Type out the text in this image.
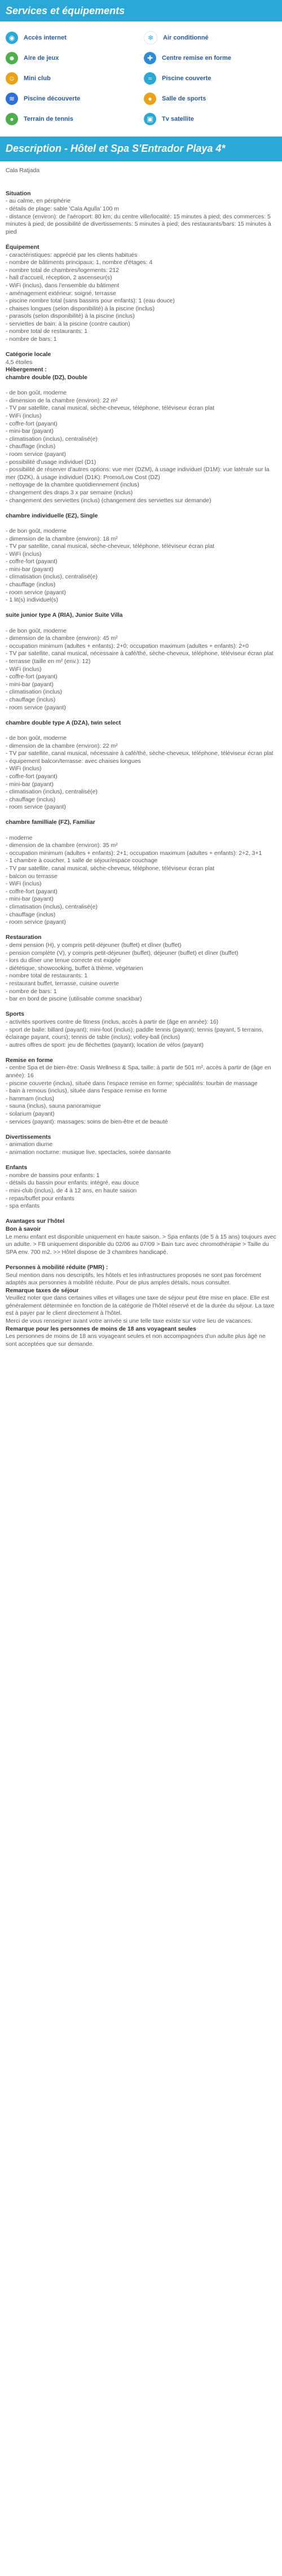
Services et équipements
◉	Accès internet	❄	Air conditionné
☻	Aire de jeux	✚	Centre remise en forme
☺	Mini club	≈	Piscine couverte
≋	Piscine découverte	●	Salle de sports
●	Terrain de tennis	▣	Tv satellite
Description - Hôtel et Spa S'Entrador Playa 4*
Cala Ratjada
Situation
- au calme, en périphérie
- détails de plage: sable 'Cala Agulla' 100 m
- distance (environ): de l'aéroport: 80 km; du centre ville/localité: 15 minutes à pied; des commerces: 5 minutes à pied; de possibilité de divertissements: 5 minutes à pied; des restaurants/bars: 15 minutes à pied
Équipement
- caractéristiques: apprécié par les clients habitués
- nombre de bâtiments principaux: 1, nombre d'étages: 4
- nombre total de chambres/logements: 212
- hall d'accueil, réception, 2 ascenseur(s)
- WiFi (inclus), dans l'ensemble du bâtiment
- aménagement extérieur: soigné, terrasse
- piscine nombre total (sans bassins pour enfants): 1 (eau douce)
- chaises longues (selon disponibilité) à la piscine (inclus)
- parasols (selon disponibilité) à la piscine (inclus)
- serviettes de bain: à la piscine (contre caution)
- nombre total de restaurants: 1
- nombre de bars: 1
Catégorie locale
4,5 étoiles
Hébergement :
chambre double (DZ), Double
- de bon goût, moderne
- dimension de la chambre (environ): 22 m²
- TV par satellite, canal musical, sèche-cheveux, téléphone, téléviseur écran plat
- WiFi (inclus)
- coffre-fort (payant)
- mini-bar (payant)
- climatisation (inclus), centralisé(e)
- chauffage (inclus)
- room service (payant)
- possibilité d'usage individuel (D1)
- possibilité de réserver d'autres options: vue mer (DZM), à usage individuel (D1M): vue latérale sur la mer (DZK), à usage individuel (D1K): Promo/Low Cost (DZ)
- nettoyage de la chambre quotidiennement (inclus)
- changement des draps 3 x par semaine (inclus)
- changement des serviettes (inclus) (changement des serviettes sur demande)
chambre individuelle (EZ), Single
- de bon goût, moderne
- dimension de la chambre (environ): 18 m²
- TV par satellite, canal musical, sèche-cheveux, téléphone, téléviseur écran plat
- WiFi (inclus)
- coffre-fort (payant)
- mini-bar (payant)
- climatisation (inclus), centralisé(e)
- chauffage (inclus)
- room service (payant)
- 1 lit(s) individuel(s)
suite junior type A (RIA), Junior Suite Villa
- de bon goût, moderne
- dimension de la chambre (environ): 45 m²
- occupation minimum (adultes + enfants): 2+0; occupation maximum (adultes + enfants): 2+0
- TV par satellite, canal musical, nécessaire à café/thé, sèche-cheveux, téléphone, téléviseur écran plat
- terrasse (taille en m² (env.): 12)
- WiFi (inclus)
- coffre-fort (payant)
- mini-bar (payant)
- climatisation (inclus)
- chauffage (inclus)
- room service (payant)
chambre double type A (DZA), twin select
- de bon goût, moderne
- dimension de la chambre (environ): 22 m²
- TV par satellite, canal musical, nécessaire à café/thé, sèche-cheveux, téléphone, téléviseur écran plat
- équipement balcon/terrasse: avec chaises longues
- WiFi (inclus)
- coffre-fort (payant)
- mini-bar (payant)
- climatisation (inclus), centralisé(e)
- chauffage (inclus)
- room service (payant)
chambre familliale (FZ), Familiar
- moderne
- dimension de la chambre (environ): 35 m²
- occupation minimum (adultes + enfants): 2+1; occupation maximum (adultes + enfants): 2+2, 3+1
- 1 chambre à coucher, 1 salle de séjour/espace couchage
- TV par satellite, canal musical, sèche-cheveux, téléphone, téléviseur écran plat
- balcon ou terrasse
- WiFi (inclus)
- coffre-fort (payant)
- mini-bar (payant)
- climatisation (inclus), centralisé(e)
- chauffage (inclus)
- room service (payant)
Restauration
- demi pension (H), y compris petit-déjeuner (buffet) et dîner (buffet)
- pension complète (V), y compris petit-déjeuner (buffet), déjeuner (buffet) et dîner (buffet)
- lors du dîner une tenue correcte est exigée
- diététique, showcooking, buffet à thème, végétarien
- nombre total de restaurants: 1
- restaurant buffet, terrasse, cuisine ouverte
- nombre de bars: 1
- bar en bord de piscine (utilisable comme snackbar)
Sports
- activités sportives contre de fitness (inclus, accès à partir de (âge en année): 16)
- sport de balle: billard (payant); mini-foot (inclus); paddle tennis (payant); tennis (payant, 5 terrains, éclairage payant, cours); tennis de table (inclus); volley-ball (inclus)
- autres offres de sport: jeu de fléchettes (payant); location de vélos (payant)
Remise en forme
- centre Spa et de bien-être: Oasis Wellness & Spa, taille: à partir de 501 m², accès à partir de (âge en année): 16
- piscine couverte (inclus), située dans l'espace remise en forme; spécialités: tourbin de massage
- bain à remous (inclus), située dans l'espace remise en forme
- hammam (inclus)
- sauna (inclus), sauna panoramique
- solarium (payant)
- services (payant): massages; soins de bien-être et de beauté
Divertissements
- animation diurne
- animation nocturne: musique live, spectacles, soirée dansante
Enfants
- nombre de bassins pour enfants: 1
- détails du bassin pour enfants: intégré, eau douce
- mini-club (inclus), de 4 à 12 ans, en haute saison
- repas/buffet pour enfants
- spa enfants
Avantages sur l'hôtel
Bon à savoir
Le menu enfant est disponible uniquement en haute saison. > Spa enfants (de 5 à 15 ans) toujours avec un adulte. > FB uniquement disponible du 02/06 au 07/09 > Bain turc avec chromothérapie > Taille du SPA env. 700 m2. >> Hôtel dispose de 3 chambres handicapé.
Personnes à mobilité réduite (PMR) :
Seul mention dans nos descriptifs, les hôtels et les infrastructures proposés ne sont pas forcément adaptés aux personnes à mobilité réduite. Pour de plus amples détails, nous consulter.
Remarque taxes de séjour
Veuillez noter que dans certaines villes et villages une taxe de séjour peut être mise en place. Elle est généralement déterminée en fonction de la catégorie de l'hôtel réservé et de la durée du séjour. La taxe est à payer par le client directement à l'hôtel.
Merci de vous renseigner avant votre arrivée si une telle taxe existe sur votre lieu de vacances.
Remarque pour les personnes de moins de 18 ans voyageant seules
Les personnes de moins de 18 ans voyageant seules et non accompagnées d'un adulte plus âgé ne sont acceptées que sur demande.
